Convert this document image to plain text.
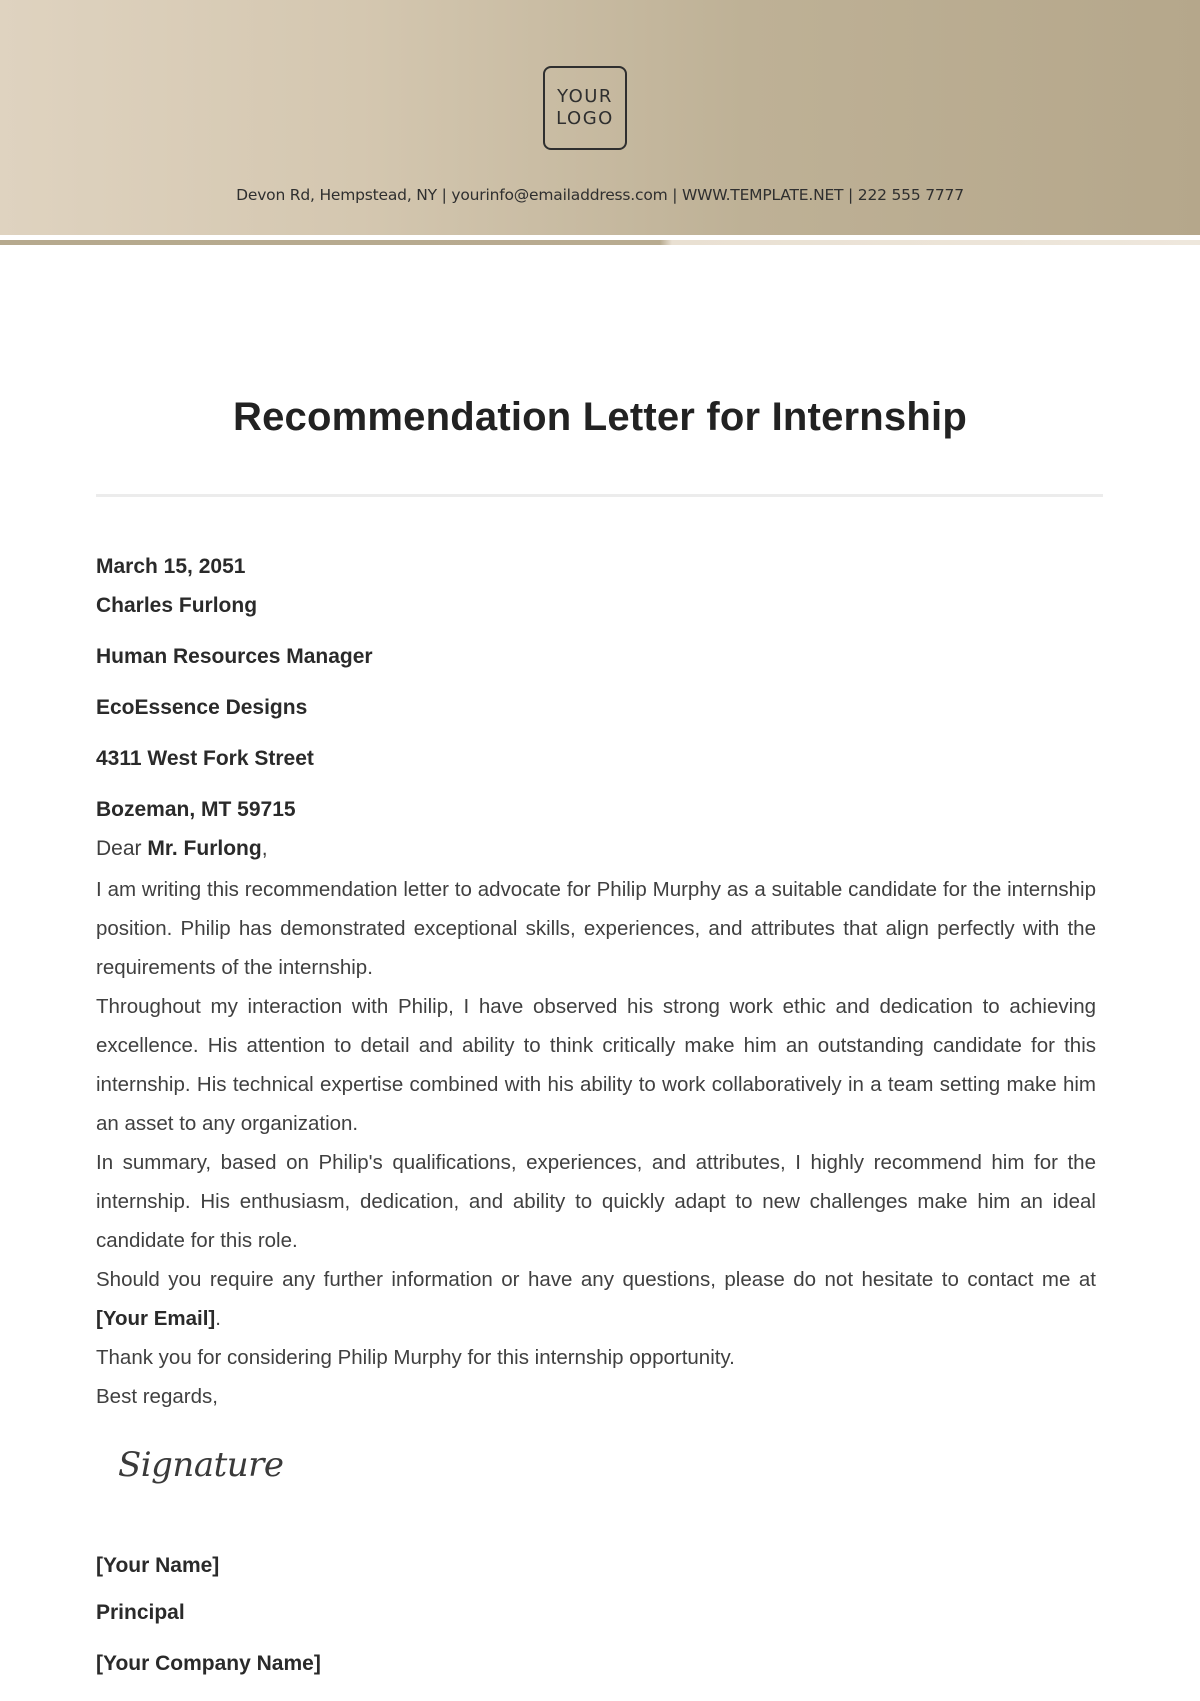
YOUR
LOGO
Devon Rd, Hempstead, NY | yourinfo@emailaddress.com | WWW.TEMPLATE.NET | 222 555 7777
Recommendation Letter for Internship
March 15, 2051
Charles Furlong
Human Resources Manager
EcoEssence Designs
4311 West Fork Street
Bozeman, MT 59715
Dear Mr. Furlong,

I am writing this recommendation letter to advocate for Philip Murphy as a suitable candidate for the internship position. Philip has demonstrated exceptional skills, experiences, and attributes that align perfectly with the requirements of the internship.

Throughout my interaction with Philip, I have observed his strong work ethic and dedication to achieving excellence. His attention to detail and ability to think critically make him an outstanding candidate for this internship. His technical expertise combined with his ability to work collaboratively in a team setting make him an asset to any organization.

In summary, based on Philip's qualifications, experiences, and attributes, I highly recommend him for the internship. His enthusiasm, dedication, and ability to quickly adapt to new challenges make him an ideal candidate for this role.

Should you require any further information or have any questions, please do not hesitate to contact me at [Your Email].

Thank you for considering Philip Murphy for this internship opportunity.

Best regards,

Signature
[Your Name]
Principal
[Your Company Name]
